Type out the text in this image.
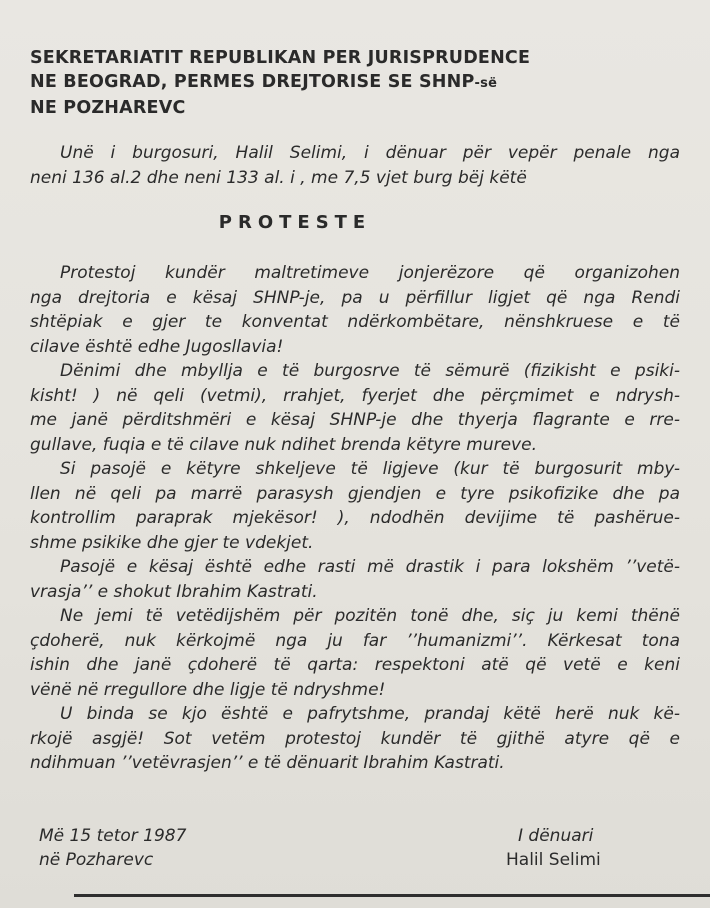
SEKRETARIATIT REPUBLIKAN PER JURISPRUDENCE
NE BEOGRAD, PERMES DREJTORISE SE SHNP-së
NE POZHAREVC
Unë i burgosuri, Halil Selimi, i dënuar për vepër penale nga
neni 136 al.2 dhe neni 133 al. i , me 7,5 vjet burg bëj këtë
PROTESTE
Protestoj kundër maltretimeve jonjerëzore që organizohen
nga drejtoria e kësaj SHNP-je, pa u përfillur ligjet që nga Rendi
shtëpiak e gjer te konventat ndërkombëtare, nënshkruese e të
cilave është edhe Jugosllavia!
Dënimi dhe mbyllja e të burgosrve të sëmurë (fizikisht e psiki-
kisht! ) në qeli (vetmi), rrahjet, fyerjet dhe përçmimet e ndrysh-
me janë përditshmëri e kësaj SHNP-je dhe thyerja flagrante e rre-
gullave, fuqia e të cilave nuk ndihet brenda këtyre mureve.
Si pasojë e këtyre shkeljeve të ligjeve (kur të burgosurit mby-
llen në qeli pa marrë parasysh gjendjen e tyre psikofizike dhe pa
kontrollim paraprak mjekësor! ), ndodhën devijime të pashërue-
shme psikike dhe gjer te vdekjet.
Pasojë e kësaj është edhe rasti më drastik i para lokshëm ’’vetë-
vrasja’’ e shokut Ibrahim Kastrati.
Ne jemi të vetëdijshëm për pozitën tonë dhe, siç ju kemi thënë
çdoherë, nuk kërkojmë nga ju far ’’humanizmi’’. Kërkesat tona
ishin dhe janë çdoherë të qarta: respektoni atë që vetë e keni
vënë në rregullore dhe ligje të ndryshme!
U binda se kjo është e pafrytshme, prandaj këtë herë nuk kë-
rkojë asgjë! Sot vetëm protestoj kundër të gjithë atyre që e
ndihmuan ’’vetëvrasjen’’ e të dënuarit Ibrahim Kastrati.
Më 15 tetor 1987
në Pozharevc
I dënuari
Halil Selimi
